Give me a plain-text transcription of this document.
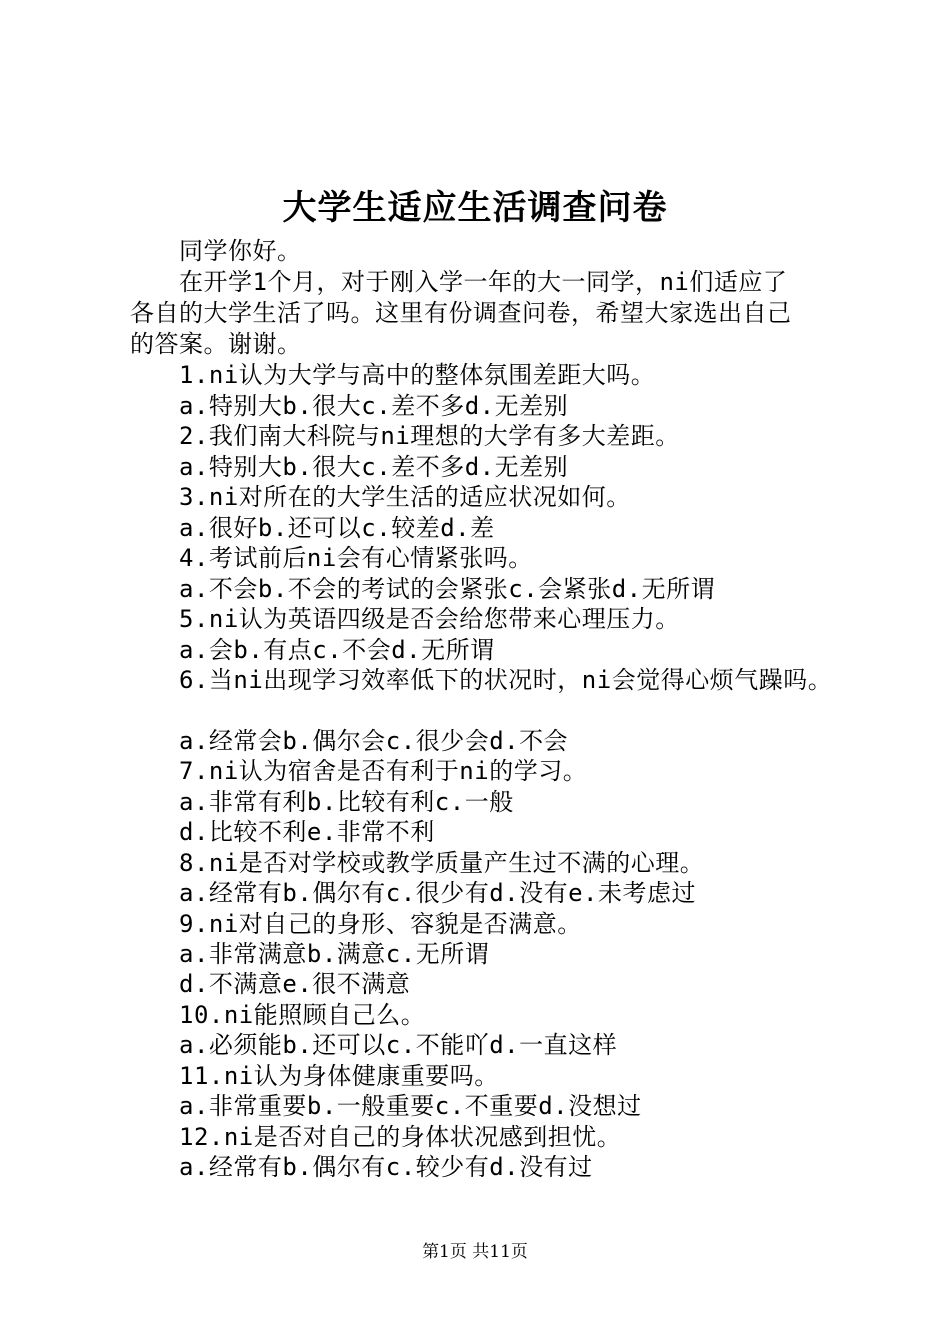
大学生适应生活调查问卷
同学你好。
在开学1个月，对于刚入学一年的大一同学，ni们适应了
各自的大学生活了吗。这里有份调查问卷，希望大家选出自己
的答案。谢谢。
1.ni认为大学与高中的整体氛围差距大吗。
a.特别大b.很大c.差不多d.无差别
2.我们南大科院与ni理想的大学有多大差距。
a.特别大b.很大c.差不多d.无差别
3.ni对所在的大学生活的适应状况如何。
a.很好b.还可以c.较差d.差
4.考试前后ni会有心情紧张吗。
a.不会b.不会的考试的会紧张c.会紧张d.无所谓
5.ni认为英语四级是否会给您带来心理压力。
a.会b.有点c.不会d.无所谓
6.当ni出现学习效率低下的状况时，ni会觉得心烦气躁吗。
a.经常会b.偶尔会c.很少会d.不会
7.ni认为宿舍是否有利于ni的学习。
a.非常有利b.比较有利c.一般
d.比较不利e.非常不利
8.ni是否对学校或教学质量产生过不满的心理。
a.经常有b.偶尔有c.很少有d.没有e.未考虑过
9.ni对自己的身形、容貌是否满意。
a.非常满意b.满意c.无所谓
d.不满意e.很不满意
10.ni能照顾自己么。
a.必须能b.还可以c.不能吖d.一直这样
11.ni认为身体健康重要吗。
a.非常重要b.一般重要c.不重要d.没想过
12.ni是否对自己的身体状况感到担忧。
a.经常有b.偶尔有c.较少有d.没有过
第1页 共11页
